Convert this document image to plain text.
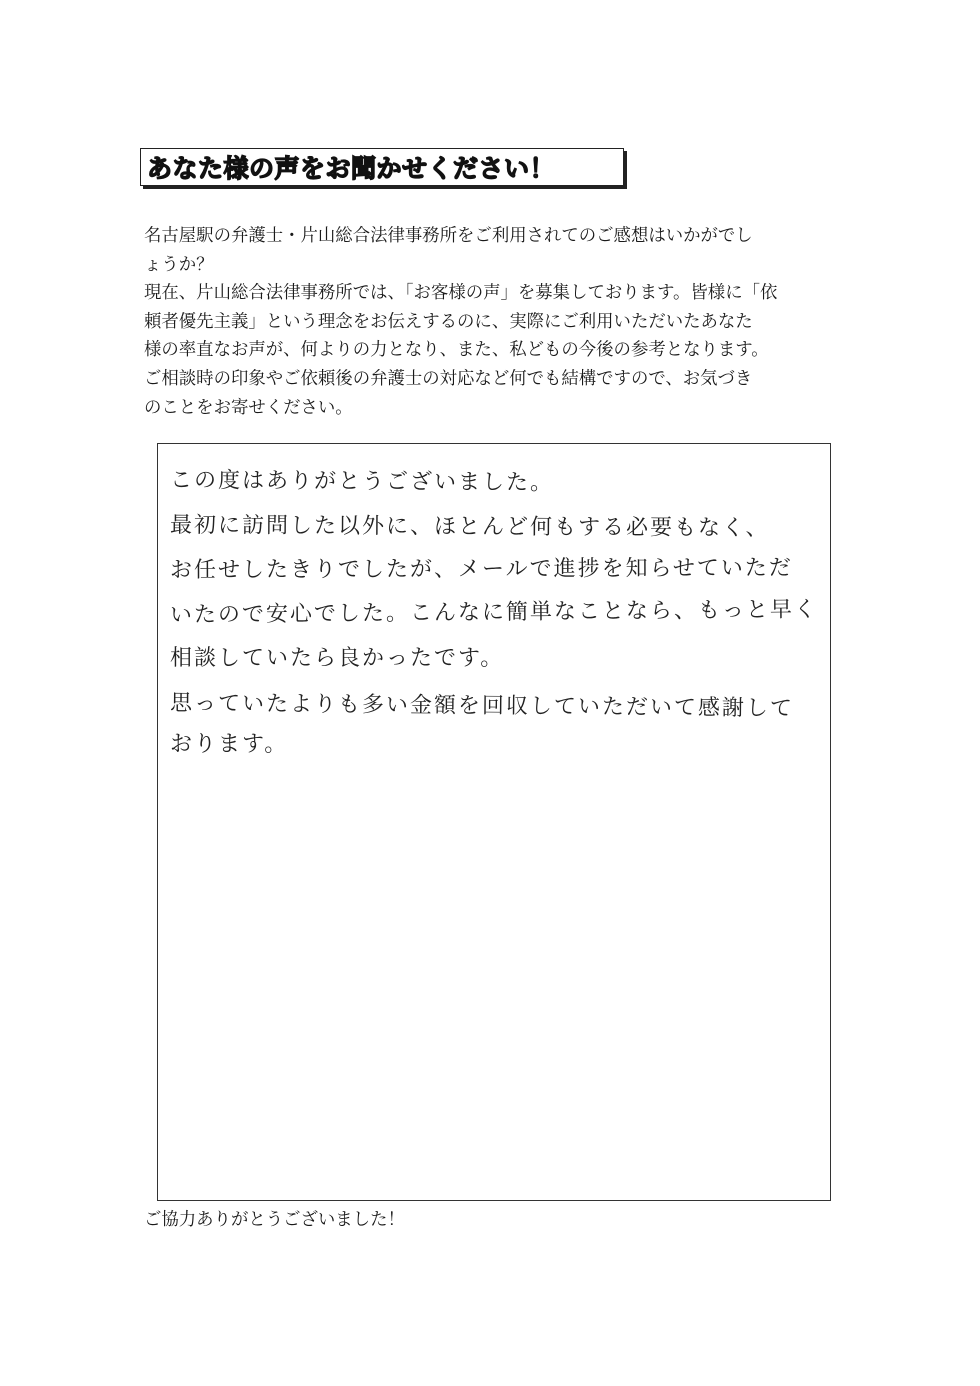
あなた様の声をお聞かせください！

名古屋駅の弁護士・片山総合法律事務所をご利用されてのご感想はいかがでし

ょうか？

現在、片山総合法律事務所では、「お客様の声」を募集しております。皆様に「依

頼者優先主義」という理念をお伝えするのに、実際にご利用いただいたあなた

様の率直なお声が、何よりの力となり、また、私どもの今後の参考となります。

ご相談時の印象やご依頼後の弁護士の対応など何でも結構ですので、お気づき

のことをお寄せください。

この度はありがとうございました。
最初に訪問した以外に、ほとんど何もする必要もなく、
お任せしたきりでしたが、メールで進捗を知らせていただ
いたので安心でした。こんなに簡単なことなら、もっと早く
相談していたら良かったです。
思っていたよりも多い金額を回収していただいて感謝して
おります。
ご協力ありがとうございました！
